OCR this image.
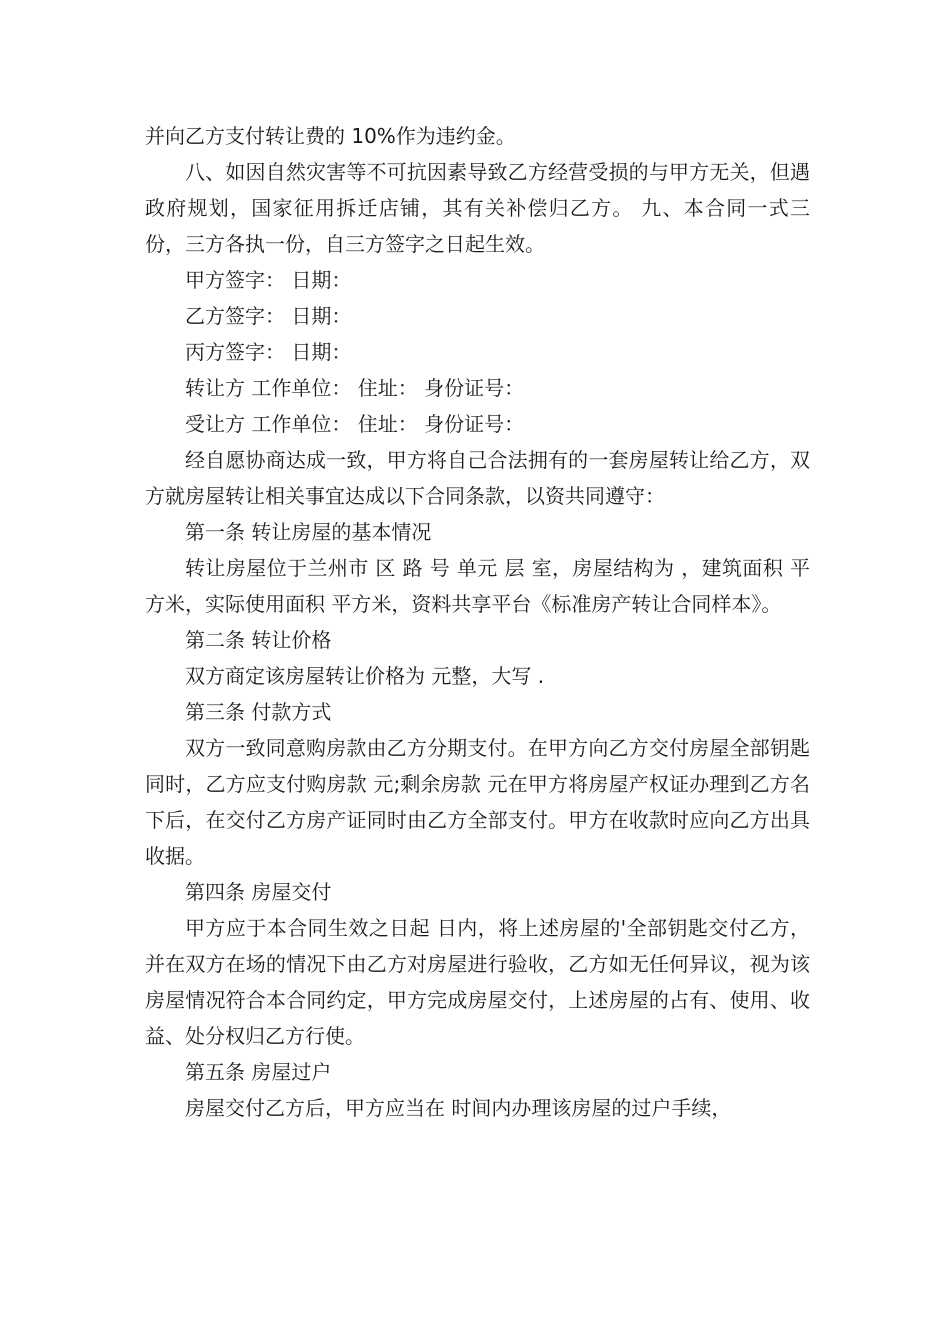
并向乙方支付转让费的 10%作为违约金。

八、如因自然灾害等不可抗因素导致乙方经营受损的与甲方无关，但遇政府规划，国家征用拆迁店铺，其有关补偿归乙方。 九、本合同一式三份，三方各执一份，自三方签字之日起生效。

甲方签字： 日期：

乙方签字： 日期：

丙方签字： 日期：

转让方 工作单位： 住址： 身份证号：

受让方 工作单位： 住址： 身份证号：

经自愿协商达成一致，甲方将自己合法拥有的一套房屋转让给乙方，双方就房屋转让相关事宜达成以下合同条款，以资共同遵守：

第一条 转让房屋的基本情况

转让房屋位于兰州市 区 路 号 单元 层 室，房屋结构为 ，建筑面积 平方米，实际使用面积 平方米，资料共享平台《标准房产转让合同样本》。

第二条 转让价格

双方商定该房屋转让价格为 元整，大写 .

第三条 付款方式

双方一致同意购房款由乙方分期支付。在甲方向乙方交付房屋全部钥匙同时，乙方应支付购房款 元;剩余房款 元在甲方将房屋产权证办理到乙方名下后，在交付乙方房产证同时由乙方全部支付。甲方在收款时应向乙方出具收据。

第四条 房屋交付

甲方应于本合同生效之日起 日内，将上述房屋的'全部钥匙交付乙方，并在双方在场的情况下由乙方对房屋进行验收，乙方如无任何异议，视为该房屋情况符合本合同约定，甲方完成房屋交付，上述房屋的占有、使用、收益、处分权归乙方行使。

第五条 房屋过户

房屋交付乙方后，甲方应当在 时间内办理该房屋的过户手续，
